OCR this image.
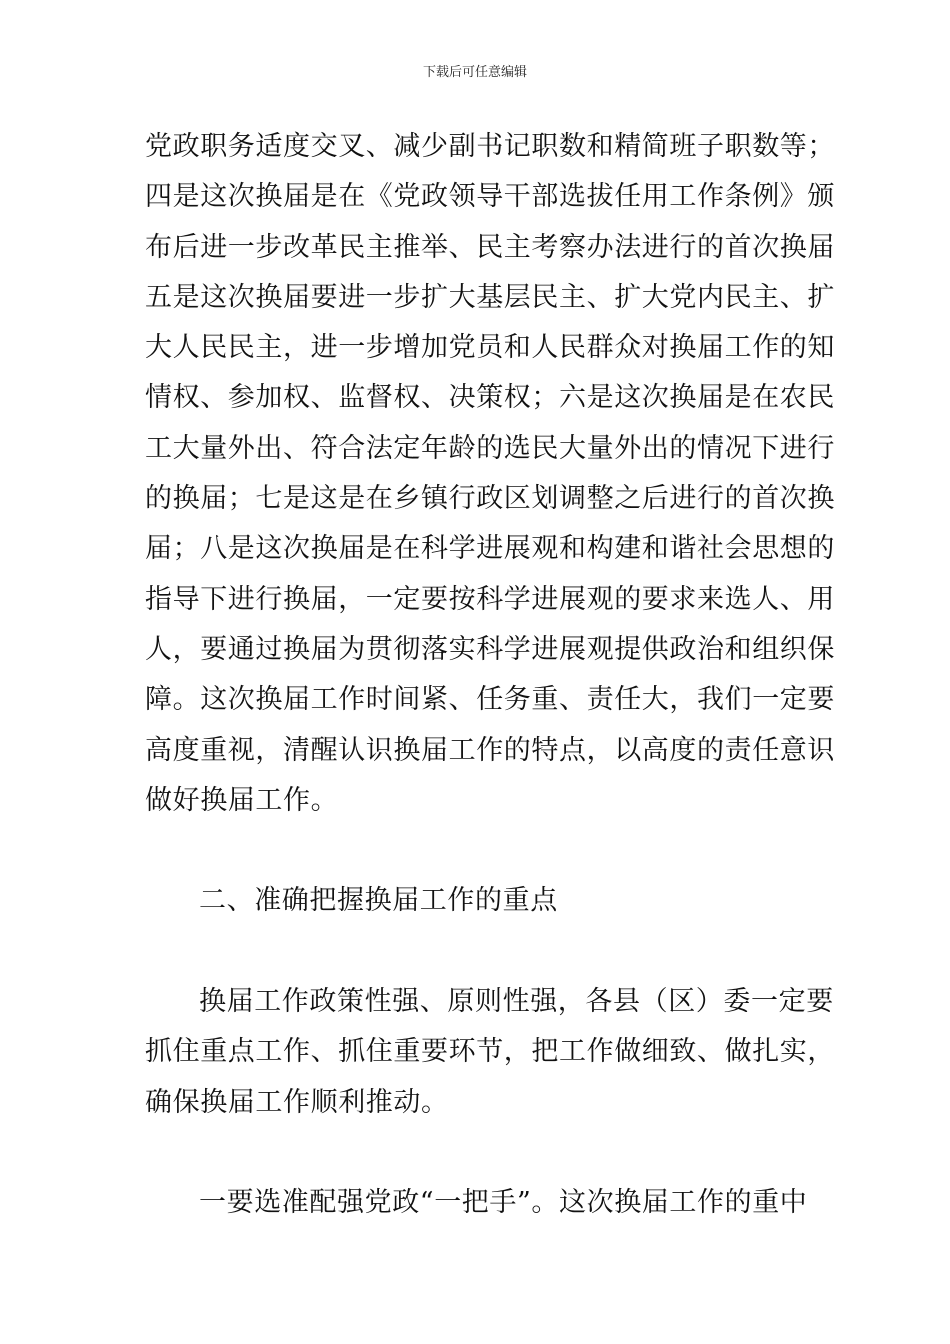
下载后可任意编辑
党政职务适度交叉、减少副书记职数和精简班子职数等；
四是这次换届是在《党政领导干部选拔任用工作条例》颁
布后进一步改革民主推举、民主考察办法进行的首次换届
五是这次换届要进一步扩大基层民主、扩大党内民主、扩
大人民民主，进一步增加党员和人民群众对换届工作的知
情权、参加权、监督权、决策权；六是这次换届是在农民
工大量外出、符合法定年龄的选民大量外出的情况下进行
的换届；七是这是在乡镇行政区划调整之后进行的首次换
届；八是这次换届是在科学进展观和构建和谐社会思想的
指导下进行换届，一定要按科学进展观的要求来选人、用
人，要通过换届为贯彻落实科学进展观提供政治和组织保
障。这次换届工作时间紧、任务重、责任大，我们一定要
高度重视，清醒认识换届工作的特点，以高度的责任意识
做好换届工作。
二、准确把握换届工作的重点
换届工作政策性强、原则性强，各县（区）委一定要
抓住重点工作、抓住重要环节，把工作做细致、做扎实，
确保换届工作顺利推动。
一要选准配强党政“一把手”。这次换届工作的重中
